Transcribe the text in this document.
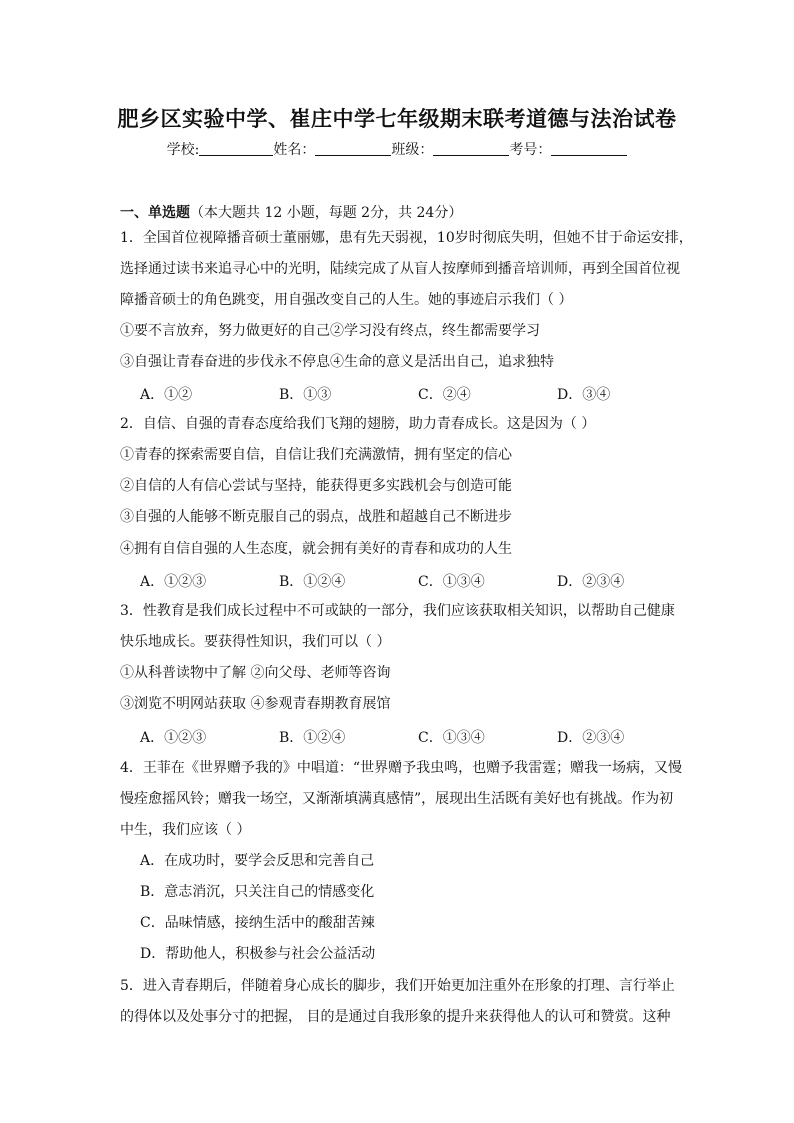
肥乡区实验中学、崔庄中学七年级期末联考道德与法治试卷
学校:	姓名：	班级：	考号：
一、单选题（本大题共 12 小题，每题 2分，共 24分）
1．全国首位视障播音硕士董丽娜，患有先天弱视，10岁时彻底失明，但她不甘于命运安排，
选择通过读书来追寻心中的光明，陆续完成了从盲人按摩师到播音培训师，再到全国首位视
障播音硕士的角色跳变，用自强改变自己的人生。她的事迹启示我们（ ）
①要不言放弃，努力做更好的自己②学习没有终点，终生都需要学习
③自强让青春奋进的步伐永不停息④生命的意义是活出自己，追求独特
A．①②	B．①③	C．②④	D．③④
2．自信、自强的青春态度给我们飞翔的翅膀，助力青春成长。这是因为（ ）
①青春的探索需要自信，自信让我们充满激情，拥有坚定的信心
②自信的人有信心尝试与坚持，能获得更多实践机会与创造可能
③自强的人能够不断克服自己的弱点，战胜和超越自己不断进步
④拥有自信自强的人生态度，就会拥有美好的青春和成功的人生
A．①②③	B．①②④	C．①③④	D．②③④
3．性教育是我们成长过程中不可或缺的一部分，我们应该获取相关知识，以帮助自己健康
快乐地成长。要获得性知识，我们可以（ ）
①从科普读物中了解 ②向父母、老师等咨询
③浏览不明网站获取 ④参观青春期教育展馆
A．①②③	B．①②④	C．①③④	D．②③④
4．王菲在《世界赠予我的》中唱道：“世界赠予我虫鸣，也赠予我雷霆；赠我一场病，又慢
慢痊愈摇风铃；赠我一场空，又渐渐填满真感情”，展现出生活既有美好也有挑战。作为初
中生，我们应该（ ）
A．在成功时，要学会反思和完善自己
B．意志消沉，只关注自己的情感变化
C．品味情感，接纳生活中的酸甜苦辣
D．帮助他人，积极参与社会公益活动
5．进入青春期后，伴随着身心成长的脚步，我们开始更加注重外在形象的打理、言行举止
的得体以及处事分寸的把握， 目的是通过自我形象的提升来获得他人的认可和赞赏。这种
